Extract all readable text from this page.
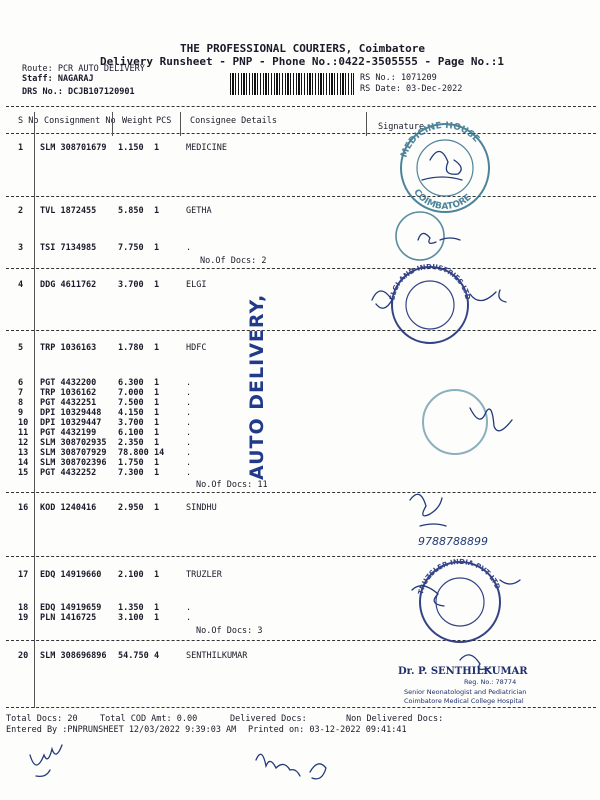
THE PROFESSIONAL COURIERS, Coimbatore
Delivery Runsheet - PNP - Phone No.:0422-3505555 - Page No.:1
Route: PCR AUTO DELIVERY
Staff: NAGARAJ
DRS No.: DCJB107120901
RS No.: 1071209
RS Date: 03-Dec-2022
S No Consignment No Weight PCS Consignee Details
Signature
1 SLM 308701679 1.150 1	MEDICINE
2 TVL 1872455	5.850 1	GETHA
3 TSI 7134985	7.750 1	.
4 DDG 4611762	3.700 1	ELGI
5 TRP 1036163	1.780 1	HDFC
6 PGT 4432200	6.300 1	.
7 TRP 1036162	7.000 1	.
8 PGT 4432251	7.500 1	.
9 DPI 10329448 4.150 1	.
10 DPI 10329447 3.700 1	.
11 PGT 4432199	6.100 1	.
12 SLM 308702935 2.350 1	.
13 SLM 308707929 78.800 14	.
14 SLM 308702396 1.750 1	.
15 PGT 4432252	7.300 1	.
16 KOD 1240416	2.950 1	SINDHU
17 EDQ 14919660 2.100 1	TRUZLER
18 EDQ 14919659 1.350 1	.
19 PLN 1416725	3.100 1	.
20 SLM 308696896 54.750 4	SENTHILKUMAR
No.Of Docs: 2
No.Of Docs: 11
No.Of Docs: 3
AUTO DELIVERY,
MEDICINE HOUSE
COIMBATORE
ELGI AND INDUSTRIES LTD
TRUZSLER INDIA PVT LTD
9788788899
Dr. P. SENTHILKUMAR
Reg. No.: 78774
Senior Neonatologist and Pediatrician
Coimbatore Medical College Hospital
Total Docs: 20	Total COD Amt: 0.00	Delivered Docs:	Non Delivered Docs:
Entered By :PNPRUNSHEET 12/03/2022 9:39:03 AM Printed on: 03-12-2022 09:41:41
